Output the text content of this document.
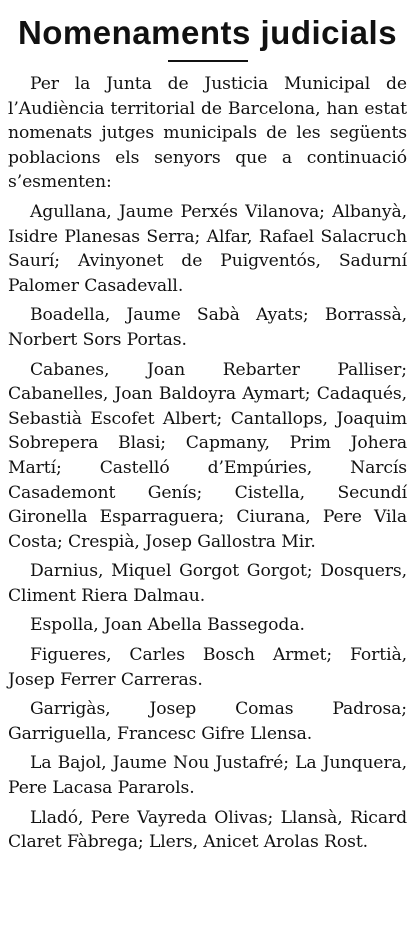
Nomenaments judicials

Per la Junta de Justicia Municipal de l’Audiència territorial de Barcelona, han estat nomenats jutges municipals de les següents poblacions els senyors que a continuació s’esmenten:

Agullana, Jaume Perxés Vilanova; Albanyà, Isidre Planesas Serra; Alfar, Rafael Salacruch Saurí; Avinyonet de Puigventós, Sadurní Palomer Casadevall.

Boadella, Jaume Sabà Ayats; Borrassà, Norbert Sors Portas.

Cabanes, Joan Rebarter Palliser; Cabanelles, Joan Baldoyra Aymart; Cadaqués, Sebastià Escofet Albert; Cantallops, Joaquim Sobrepera Blasi; Capmany, Prim Johera Martí; Castelló d’Empúries, Narcís Casademont Genís; Cistella, Secundí Gironella Esparraguera; Ciurana, Pere Vila Costa; Crespià, Josep Gallostra Mir.

Darnius, Miquel Gorgot Gorgot; Dosquers, Climent Riera Dalmau.

Espolla, Joan Abella Bassegoda.

Figueres, Carles Bosch Armet; Fortià, Josep Ferrer Carreras.

Garrigàs, Josep Comas Padrosa; Garriguella, Francesc Gifre Llensa.

La Bajol, Jaume Nou Justafré; La Junquera, Pere Lacasa Pararols.

Lladó, Pere Vayreda Olivas; Llansà, Ricard Claret Fàbrega; Llers, Anicet Arolas Rost.
